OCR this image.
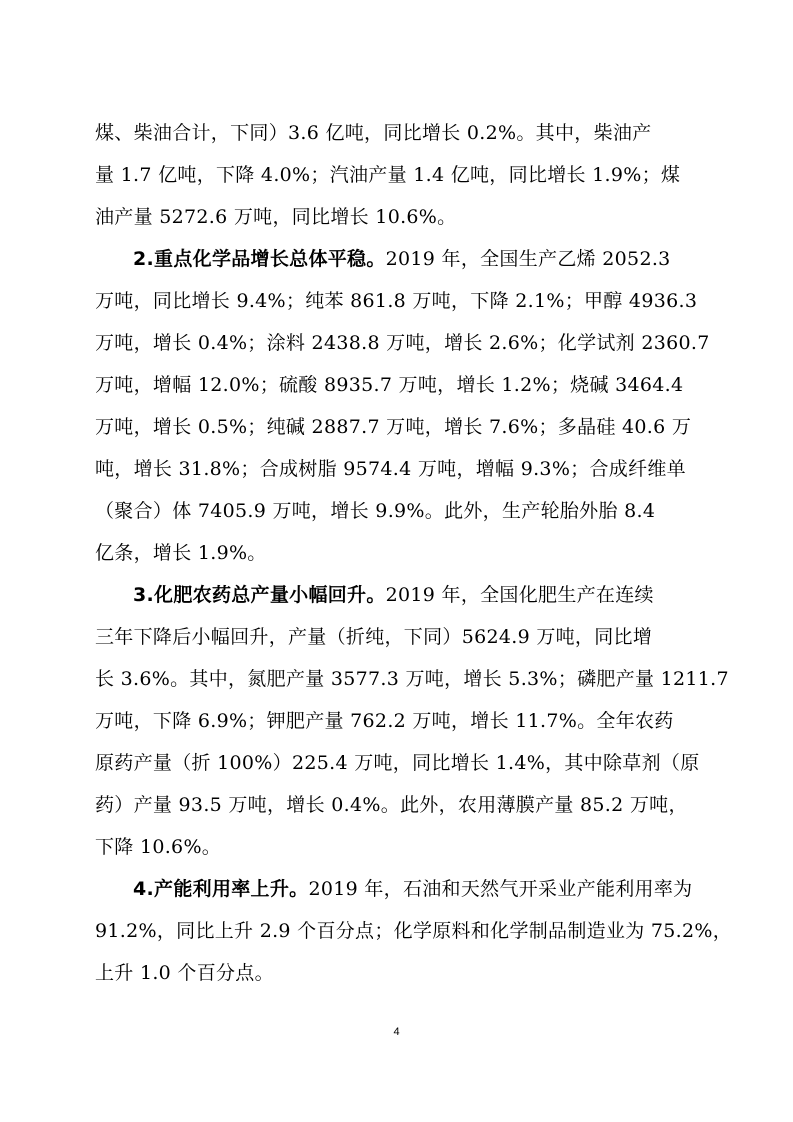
煤、柴油合计，下同）3.6 亿吨，同比增长 0.2%。其中，柴油产
量 1.7 亿吨，下降 4.0%；汽油产量 1.4 亿吨，同比增长 1.9%；煤
油产量 5272.6 万吨，同比增长 10.6%。
2.重点化学品增长总体平稳。2019 年，全国生产乙烯 2052.3
万吨，同比增长 9.4%；纯苯 861.8 万吨，下降 2.1%；甲醇 4936.3
万吨，增长 0.4%；涂料 2438.8 万吨，增长 2.6%；化学试剂 2360.7
万吨，增幅 12.0%；硫酸 8935.7 万吨，增长 1.2%；烧碱 3464.4
万吨，增长 0.5%；纯碱 2887.7 万吨，增长 7.6%；多晶硅 40.6 万
吨，增长 31.8%；合成树脂 9574.4 万吨，增幅 9.3%；合成纤维单
（聚合）体 7405.9 万吨，增长 9.9%。此外，生产轮胎外胎 8.4
亿条，增长 1.9%。
3.化肥农药总产量小幅回升。2019 年，全国化肥生产在连续
三年下降后小幅回升，产量（折纯，下同）5624.9 万吨，同比增
长 3.6%。其中，氮肥产量 3577.3 万吨，增长 5.3%；磷肥产量 1211.7
万吨，下降 6.9%；钾肥产量 762.2 万吨，增长 11.7%。全年农药
原药产量（折 100%）225.4 万吨，同比增长 1.4%，其中除草剂（原
药）产量 93.5 万吨，增长 0.4%。此外，农用薄膜产量 85.2 万吨，
下降 10.6%。
4.产能利用率上升。2019 年，石油和天然气开采业产能利用率为
91.2%，同比上升 2.9 个百分点；化学原料和化学制品制造业为 75.2%，
上升 1.0 个百分点。
4
